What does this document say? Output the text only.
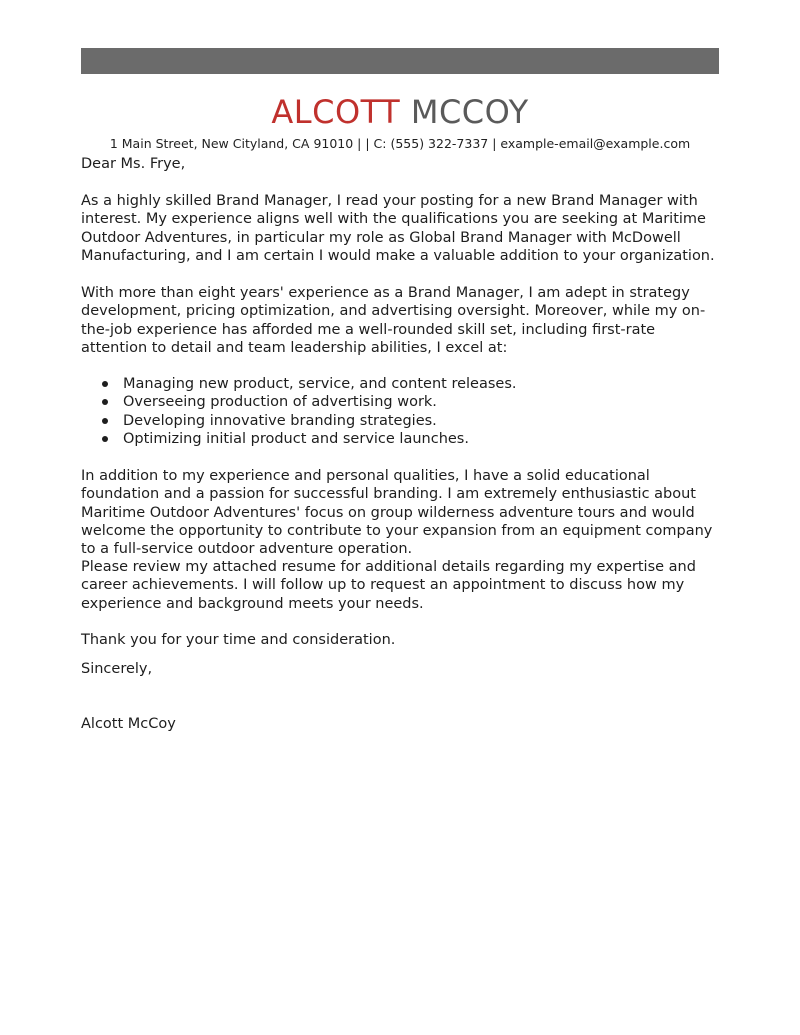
ALCOTT MCCOY
1 Main Street, New Cityland, CA 91010 | | C: (555) 322-7337 | example-email@example.com

Dear Ms. Frye,

As a highly skilled Brand Manager, I read your posting for a new Brand Manager with interest. My experience aligns well with the qualifications you are seeking at Maritime Outdoor Adventures, in particular my role as Global Brand Manager with McDowell Manufacturing, and I am certain I would make a valuable addition to your organization.

With more than eight years' experience as a Brand Manager, I am adept in strategy development, pricing optimization, and advertising oversight. Moreover, while my on-the-job experience has afforded me a well-rounded skill set, including first-rate attention to detail and team leadership abilities, I excel at:

Managing new product, service, and content releases.
Overseeing production of advertising work.
Developing innovative branding strategies.
Optimizing initial product and service launches.

In addition to my experience and personal qualities, I have a solid educational foundation and a passion for successful branding. I am extremely enthusiastic about Maritime Outdoor Adventures' focus on group wilderness adventure tours and would welcome the opportunity to contribute to your expansion from an equipment company to a full-service outdoor adventure operation.

Please review my attached resume for additional details regarding my expertise and career achievements. I will follow up to request an appointment to discuss how my experience and background meets your needs.

Thank you for your time and consideration.

Sincerely,

Alcott McCoy
